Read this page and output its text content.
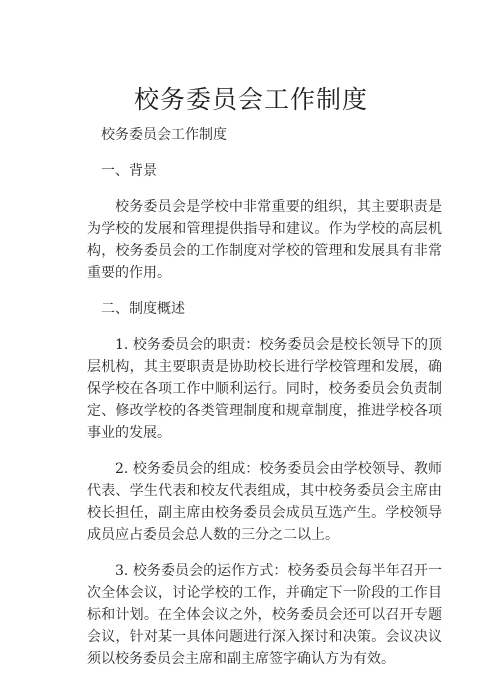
校务委员会工作制度

校务委员会工作制度

一、背景

校务委员会是学校中非常重要的组织，其主要职责是为学校的发展和管理提供指导和建议。作为学校的高层机构，校务委员会的工作制度对学校的管理和发展具有非常重要的作用。

二、制度概述

1. 校务委员会的职责：校务委员会是校长领导下的顶层机构，其主要职责是协助校长进行学校管理和发展，确保学校在各项工作中顺利运行。同时，校务委员会负责制定、修改学校的各类管理制度和规章制度，推进学校各项事业的发展。

2. 校务委员会的组成：校务委员会由学校领导、教师代表、学生代表和校友代表组成，其中校务委员会主席由校长担任，副主席由校务委员会成员互选产生。学校领导成员应占委员会总人数的三分之二以上。

3. 校务委员会的运作方式：校务委员会每半年召开一次全体会议，讨论学校的工作，并确定下一阶段的工作目标和计划。在全体会议之外，校务委员会还可以召开专题会议，针对某一具体问题进行深入探讨和决策。会议决议须以校务委员会主席和副主席签字确认方为有效。
